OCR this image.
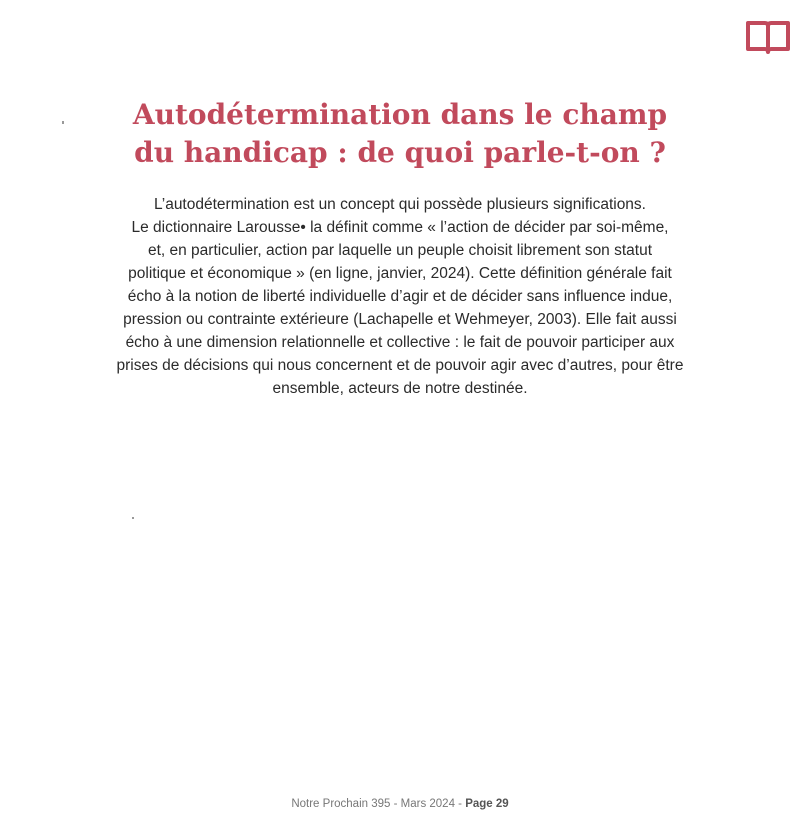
Autodétermination dans le champ
du handicap : de quoi parle-t-on ?

L’autodétermination est un concept qui possède plusieurs significations.
Le dictionnaire Larousse• la définit comme « l’action de décider par soi-même,
et, en particulier, action par laquelle un peuple choisit librement son statut
politique et économique » (en ligne, janvier, 2024). Cette définition générale fait
écho à la notion de liberté individuelle d’agir et de décider sans influence indue,
pression ou contrainte extérieure (Lachapelle et Wehmeyer, 2003). Elle fait aussi
écho à une dimension relationnelle et collective : le fait de pouvoir participer aux
prises de décisions qui nous concernent et de pouvoir agir avec d’autres, pour être
ensemble, acteurs de notre destinée.

Notre Prochain 395 - Mars 2024 - Page 29
